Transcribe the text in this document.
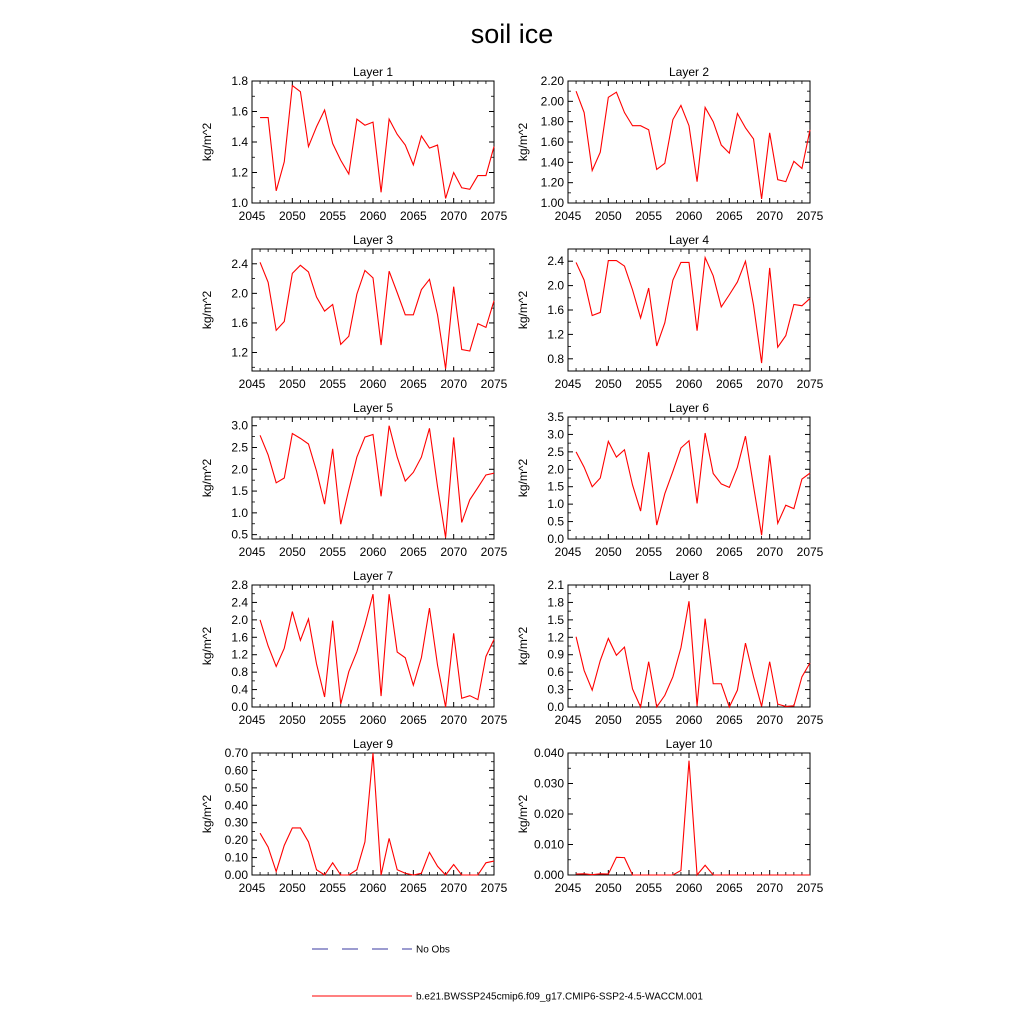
soil ice
Layer 1
kg/m^2
2045 2050 2055 2060 2065 2070 2075
1.0
1.2
1.4
1.6
1.8
Layer 2
kg/m^2
2045 2050 2055 2060 2065 2070 2075
1.00
1.20
1.40
1.60
1.80
2.00
2.20
Layer 3
kg/m^2
2045 2050 2055 2060 2065 2070 2075
1.2
1.6
2.0
2.4
Layer 4
kg/m^2
2045 2050 2055 2060 2065 2070 2075
0.8
1.2
1.6
2.0
2.4
Layer 5
kg/m^2
2045 2050 2055 2060 2065 2070 2075
0.5
1.0
1.5
2.0
2.5
3.0
Layer 6
kg/m^2
2045 2050 2055 2060 2065 2070 2075
0.0
0.5
1.0
1.5
2.0
2.5
3.0
3.5
Layer 7
kg/m^2
2045 2050 2055 2060 2065 2070 2075
0.0
0.4
0.8
1.2
1.6
2.0
2.4
2.8
Layer 8
kg/m^2
2045 2050 2055 2060 2065 2070 2075
0.0
0.3
0.6
0.9
1.2
1.5
1.8
2.1
Layer 9
kg/m^2
2045 2050 2055 2060 2065 2070 2075
0.00
0.10
0.20
0.30
0.40
0.50
0.60
0.70
Layer 10
kg/m^2
2045 2050 2055 2060 2065 2070 2075
0.000
0.010
0.020
0.030
0.040
No Obs
b.e21.BWSSP245cmip6.f09_g17.CMIP6-SSP2-4.5-WACCM.001
